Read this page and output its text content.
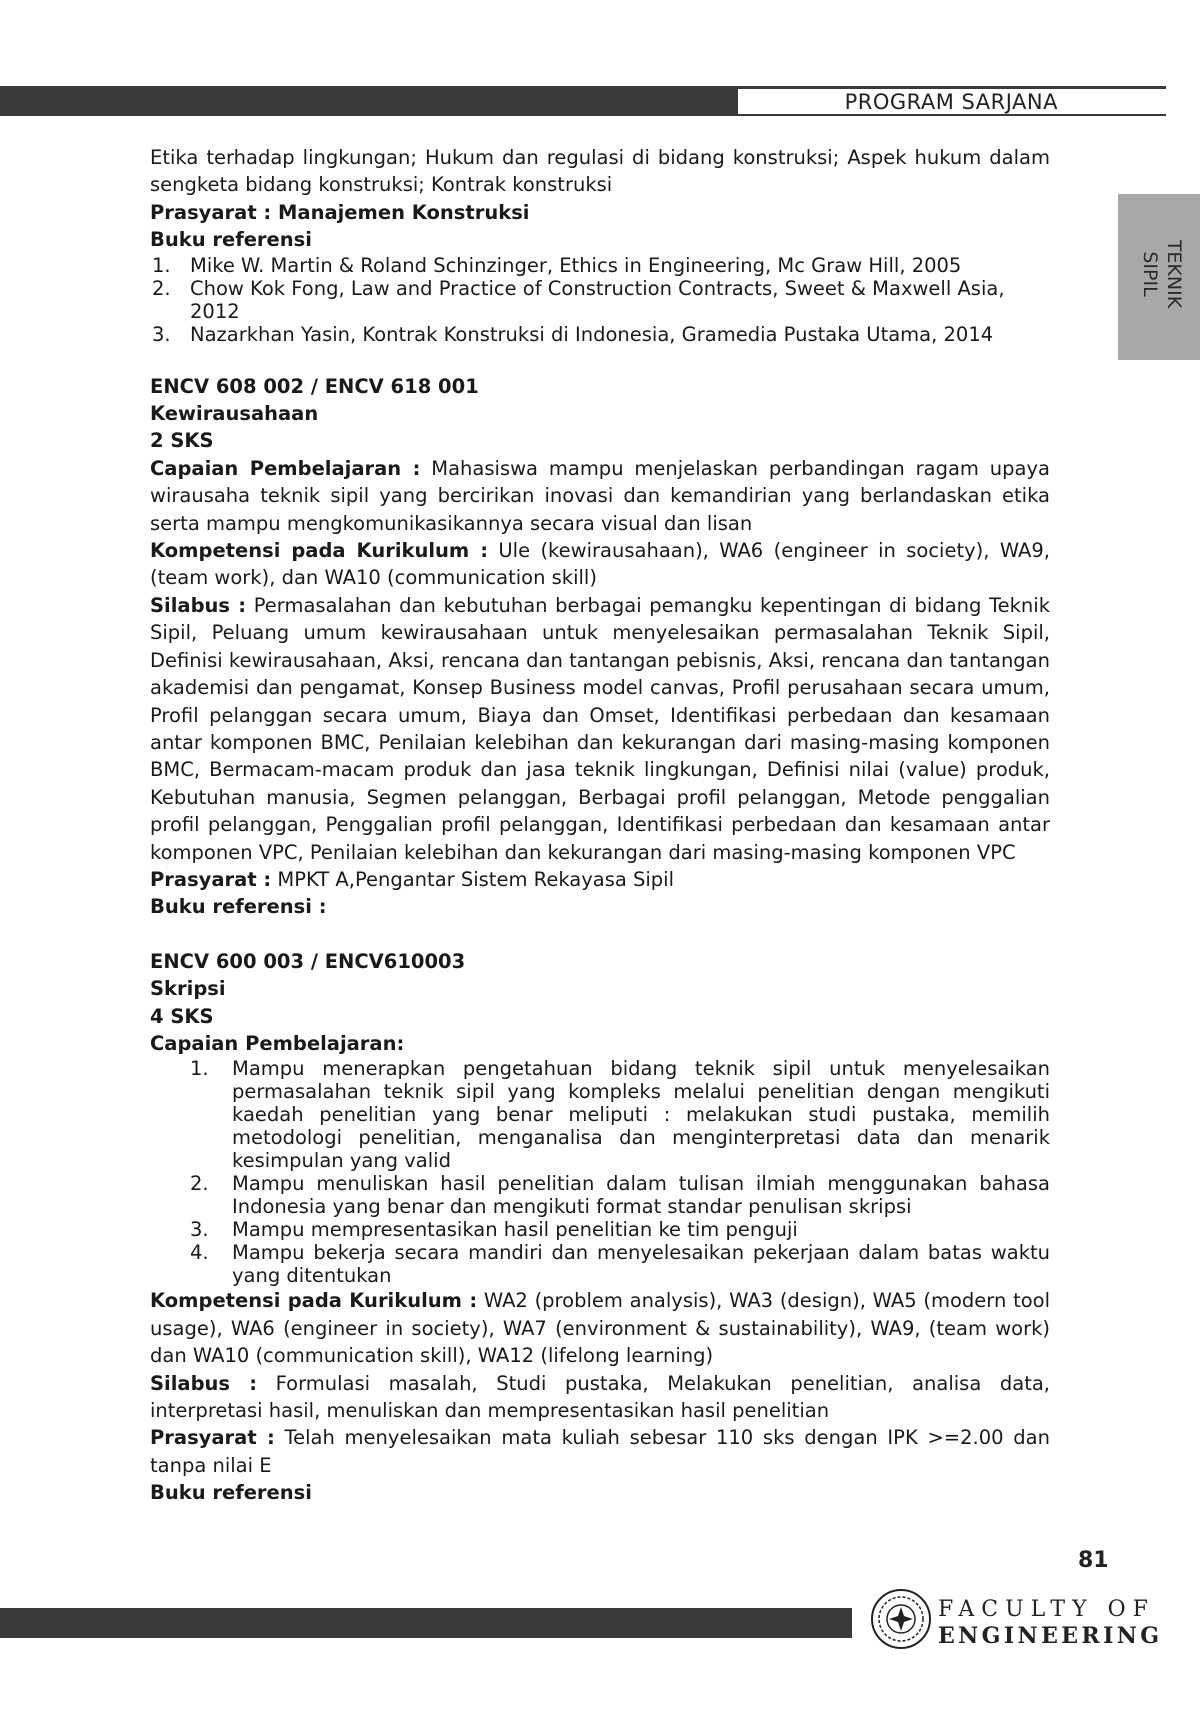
PROGRAM SARJANA
TEKNIK
SIPIL

Etika terhadap lingkungan; Hukum dan regulasi di bidang konstruksi; Aspek hukum dalam sengketa bidang konstruksi; Kontrak konstruksi

Prasyarat : Manajemen Konstruksi

Buku referensi

1. Mike W. Martin & Roland Schinzinger, Ethics in Engineering, Mc Graw Hill, 2005
2. Chow Kok Fong, Law and Practice of Construction Contracts, Sweet & Maxwell Asia, 2012
3. Nazarkhan Yasin, Kontrak Konstruksi di Indonesia, Gramedia Pustaka Utama, 2014

ENCV 608 002 / ENCV 618 001

Kewirausahaan

2 SKS

Capaian Pembelajaran : Mahasiswa mampu menjelaskan perbandingan ragam upaya wirausaha teknik sipil yang bercirikan inovasi dan kemandirian yang berlandaskan etika serta mampu mengkomunikasikannya secara visual dan lisan

Kompetensi pada Kurikulum : Ule (kewirausahaan), WA6 (engineer in society), WA9, (team work), dan WA10 (communication skill)

Silabus : Permasalahan dan kebutuhan berbagai pemangku kepentingan di bidang Teknik Sipil, Peluang umum kewirausahaan untuk menyelesaikan permasalahan Teknik Sipil, Definisi kewirausahaan, Aksi, rencana dan tantangan pebisnis, Aksi, rencana dan tantangan akademisi dan pengamat, Konsep Business model canvas, Profil perusahaan secara umum, Profil pelanggan secara umum, Biaya dan Omset, Identifikasi perbedaan dan kesamaan antar komponen BMC, Penilaian kelebihan dan kekurangan dari masing-masing komponen BMC, Bermacam-macam produk dan jasa teknik lingkungan, Definisi nilai (value) produk, Kebutuhan manusia, Segmen pelanggan, Berbagai profil pelanggan, Metode penggalian profil pelanggan, Penggalian profil pelanggan, Identifikasi perbedaan dan kesamaan antar komponen VPC, Penilaian kelebihan dan kekurangan dari masing-masing komponen VPC

Prasyarat : MPKT A,Pengantar Sistem Rekayasa Sipil

Buku referensi :

ENCV 600 003 / ENCV610003

Skripsi

4 SKS

Capaian Pembelajaran:

1. Mampu menerapkan pengetahuan bidang teknik sipil untuk menyelesaikan permasalahan teknik sipil yang kompleks melalui penelitian dengan mengikuti kaedah penelitian yang benar meliputi : melakukan studi pustaka, memilih metodologi penelitian, menganalisa dan menginterpretasi data dan menarik kesimpulan yang valid
2. Mampu menuliskan hasil penelitian dalam tulisan ilmiah menggunakan bahasa Indonesia yang benar dan mengikuti format standar penulisan skripsi
3. Mampu mempresentasikan hasil penelitian ke tim penguji
4. Mampu bekerja secara mandiri dan menyelesaikan pekerjaan dalam batas waktu yang ditentukan

Kompetensi pada Kurikulum : WA2 (problem analysis), WA3 (design), WA5 (modern tool usage), WA6 (engineer in society), WA7 (environment & sustainability), WA9, (team work) dan WA10 (communication skill), WA12 (lifelong learning)

Silabus : Formulasi masalah, Studi pustaka, Melakukan penelitian, analisa data, interpretasi hasil, menuliskan dan mempresentasikan hasil penelitian

Prasyarat : Telah menyelesaikan mata kuliah sebesar 110 sks dengan IPK >=2.00 dan tanpa nilai E

Buku referensi

81
FACULTY OF
ENGINEERING
